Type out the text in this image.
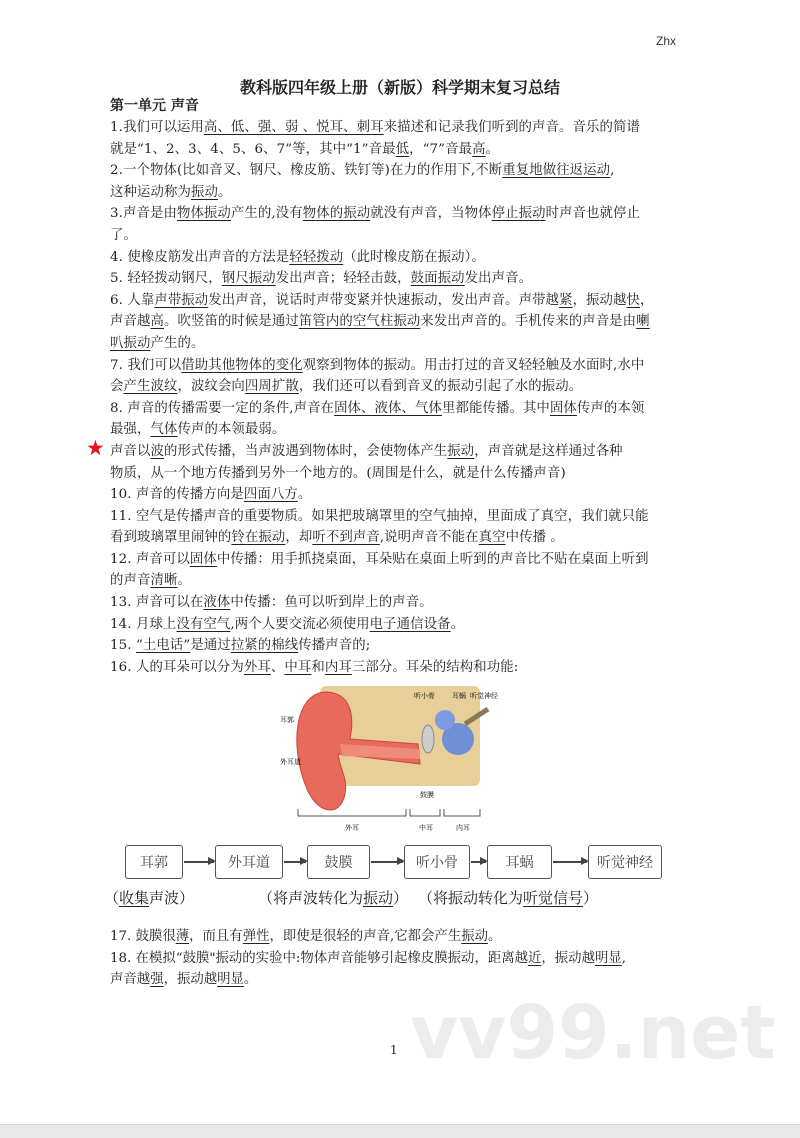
Zhx
教科版四年级上册（新版）科学期末复习总结
第一单元 声音
1.我们可以运用高、低、强、弱 、悦耳、刺耳来描述和记录我们听到的声音。音乐的简谱
就是“1、2、3、4、5、6、7”等，其中“1”音最低，“7”音最高。
2.一个物体(比如音叉、钢尺、橡皮筋、铁钉等)在力的作用下,不断重复地做往返运动,
这种运动称为振动。
3.声音是由物体振动产生的,没有物体的振动就没有声音，当物体停止振动时声音也就停止
了。
4. 使橡皮筋发出声音的方法是轻轻拨动（此时橡皮筋在振动）。
5. 轻轻拨动钢尺，钢尺振动发出声音；轻轻击鼓，鼓面振动发出声音。
6. 人靠声带振动发出声音，说话时声带变紧并快速振动，发出声音。声带越紧，振动越快，
声音越高。吹竖笛的时候是通过笛管内的空气柱振动来发出声音的。手机传来的声音是由喇
叭振动产生的。
7. 我们可以借助其他物体的变化观察到物体的振动。用击打过的音叉轻轻触及水面时,水中
会产生波纹，波纹会向四周扩散，我们还可以看到音叉的振动引起了水的振动。
8. 声音的传播需要一定的条件,声音在固体、液体、气体里都能传播。其中固体传声的本领
最强，气体传声的本领最弱。
声音以波的形式传播，当声波遇到物体时，会使物体产生振动，声音就是这样通过各种
物质，从一个地方传播到另外一个地方的。(周围是什么，就是什么传播声音)
10. 声音的传播方向是四面八方。
11. 空气是传播声音的重要物质。如果把玻璃罩里的空气抽掉，里面成了真空，我们就只能
看到玻璃罩里闹钟的铃在振动，却听不到声音,说明声音不能在真空中传播 。
12. 声音可以固体中传播：用手抓挠桌面，耳朵贴在桌面上听到的声音比不贴在桌面上听到
的声音清晰。
13. 声音可以在液体中传播：鱼可以听到岸上的声音。
14. 月球上没有空气,两个人要交流必须使用电子通信设备。
15. “土电话”是通过拉紧的棉线传播声音的;
16. 人的耳朵可以分为外耳、中耳和内耳三部分。耳朵的结构和功能:
★
耳郭
外耳道
听小骨 耳蜗 听觉神经
鼓膜
外耳	中耳	内耳
耳郭	外耳道	鼓膜	听小骨	耳蜗	听觉神经
（收集声波）	（将声波转化为振动） （将振动转化为听觉信号）
17. 鼓膜很薄，而且有弹性，即使是很轻的声音,它都会产生振动。
18. 在模拟“鼓膜"振动的实验中:物体声音能够引起橡皮膜振动，距离越近，振动越明显,
声音越强，振动越明显。
vv99.net
1
